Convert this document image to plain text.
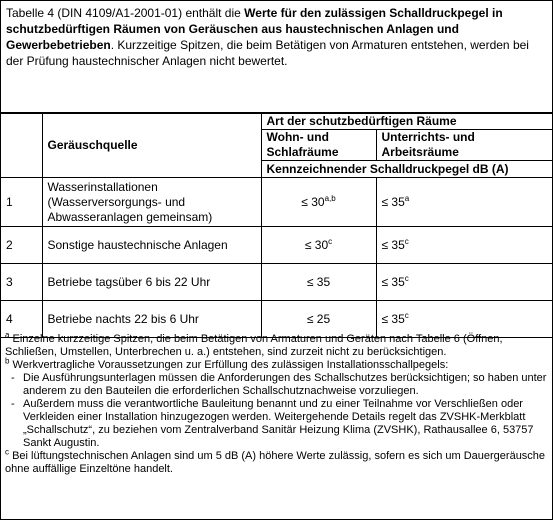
Tabelle 4 (DIN 4109/A1-2001-01) enthält die Werte für den zulässigen Schalldruckpegel in schutzbedürftigen Räumen von Geräuschen aus haustechnischen Anlagen und Gewerbebetrieben. Kurzzeitige Spitzen, die beim Betätigen von Armaturen entstehen, werden bei der Prüfung haustechnischer Anlagen nicht bewertet.

	Geräuschquelle	Art der schutzbedürftigen Räume	
		Wohn- und Schlafräume	Unterrichts- und Arbeitsräume
		Kennzeichnender Schalldruckpegel dB (A)	
1	Wasserinstallationen (Wasserversorgungs- und Abwasseranlagen gemeinsam)	≤ $30^{a,b}$	≤ $35^a$
2	Sonstige haustechnische Anlagen	≤ $30^c$	≤ $35^c$
3	Betriebe tagsüber 6 bis 22 Uhr	≤ 35	≤ $35^c$
4	Betriebe nachts 22 bis 6 Uhr	≤ 25	≤ $35^c$

$^a$ Einzelne kurzzeitige Spitzen, die beim Betätigen von Armaturen und Geräten nach Tabelle 6 (Öffnen, Schließen, Umstellen, Unterbrechen u. a.) entstehen, sind zurzeit nicht zu berücksichtigen.

$^b$ Werkvertragliche Voraussetzungen zur Erfüllung des zulässigen Installationsschallpegels:

- Die Ausführungsunterlagen müssen die Anforderungen des Schallschutzes berücksichtigen; so haben unter anderem zu den Bauteilen die erforderlichen Schallschutznachweise vorzuliegen.
- Außerdem muss die verantwortliche Bauleitung benannt und zu einer Teilnahme vor Verschließen oder Verkleiden einer Installation hinzugezogen werden. Weitergehende Details regelt das ZVSHK-Merkblatt „Schallschutz“, zu beziehen vom Zentralverband Sanitär Heizung Klima (ZVSHK), Rathausallee 6, 53757 Sankt Augustin.

$^c$ Bei lüftungstechnischen Anlagen sind um 5 dB (A) höhere Werte zulässig, sofern es sich um Dauergeräusche ohne auffällige Einzeltöne handelt.
